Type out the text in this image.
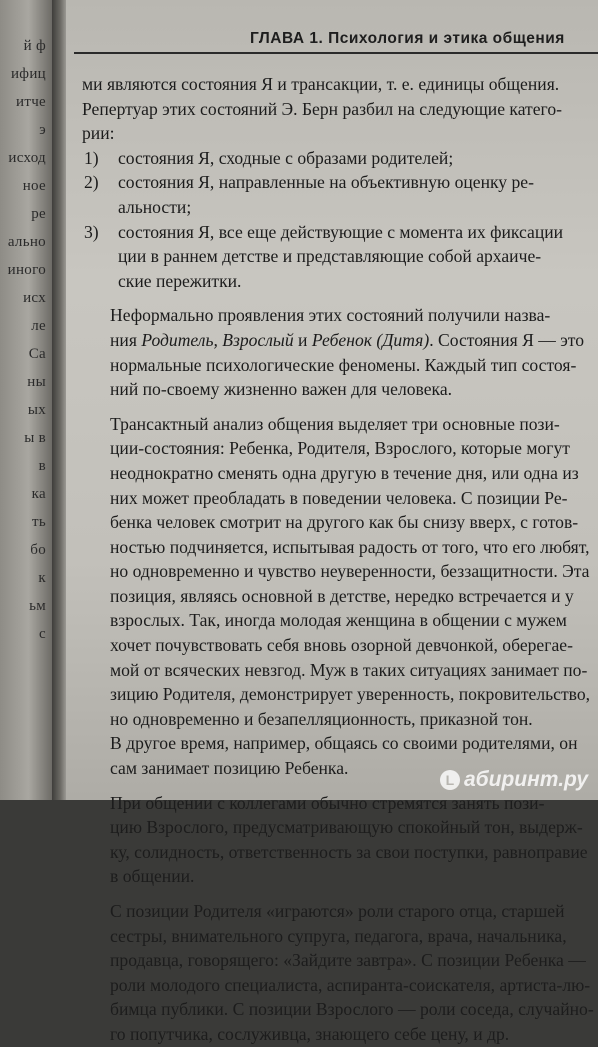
й ф
ифиц
итче
э
исход
ное
ре
ально
иного
исх
ле
Са
ны
ых
ы в
в
ка
ть
бо
к
ьм
с
ГЛАВА 1. Психология и этика общения

ми являются состояния Я и трансакции, т. е. единицы общения.
Репертуар этих состояний Э. Берн разбил на следующие катего-
рии:

1)	состояния Я, сходные с образами родителей;
2)	состояния Я, направленные на объективную оценку ре-
альности;
3)	состояния Я, все еще действующие с момента их фиксации
ции в раннем детстве и представляющие собой архаиче-
ские пережитки.

Неформально проявления этих состояний получили назва-
ния Родитель, Взрослый и Ребенок (Дитя). Состояния Я — это
нормальные психологические феномены. Каждый тип состоя-
ний по-своему жизненно важен для человека.

Трансактный анализ общения выделяет три основные пози-
ции-состояния: Ребенка, Родителя, Взрослого, которые могут
неоднократно сменять одна другую в течение дня, или одна из
них может преобладать в поведении человека. С позиции Ре-
бенка человек смотрит на другого как бы снизу вверх, с готов-
ностью подчиняется, испытывая радость от того, что его любят,
но одновременно и чувство неуверенности, беззащитности. Эта
позиция, являясь основной в детстве, нередко встречается и у
взрослых. Так, иногда молодая женщина в общении с мужем
хочет почувствовать себя вновь озорной девчонкой, оберегае-
мой от всяческих невзгод. Муж в таких ситуациях занимает по-
зицию Родителя, демонстрирует уверенность, покровительство,
но одновременно и безапелляционность, приказной тон.
В другое время, например, общаясь со своими родителями, он
сам занимает позицию Ребенка.

При общении с коллегами обычно стремятся занять пози-
цию Взрослого, предусматривающую спокойный тон, выдерж-
ку, солидность, ответственность за свои поступки, равноправие
в общении.

С позиции Родителя «играются» роли старого отца, старшей
сестры, внимательного супруга, педагога, врача, начальника,
продавца, говорящего: «Зайдите завтра». С позиции Ребенка —
роли молодого специалиста, аспиранта-соискателя, артиста-лю-
бимца публики. С позиции Взрослого — роли соседа, случайно-
го попутчика, сослуживца, знающего себе цену, и др.

L абиринт.ру
